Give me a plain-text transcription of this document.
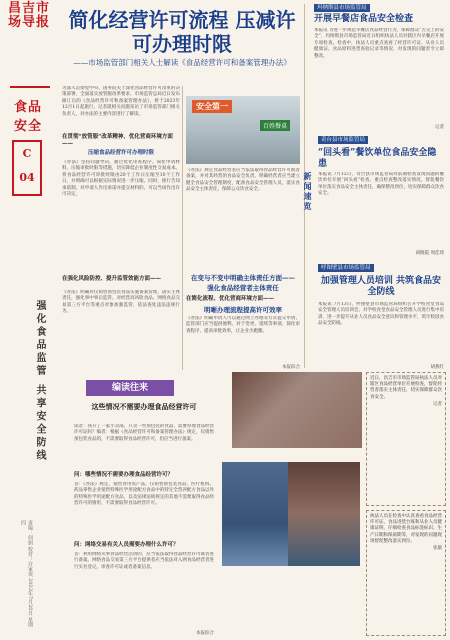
昌吉市场导报
食品安全
C 04
强化食品监管 共享安全防线
责编：何娟 校对：许家欢 2023年7月20日 星期四
简化经营许可流程 压减许可办理时限
——市场监管部门相关人士解读《食品经营许可和备案管理办法》
为深入贯彻党中央、国务院关于深化食品经营许可改革的决策部署，全面落实放管服改革要求，市场监管总局近日发布修订后的《食品经营许可和备案管理办法》，将于2023年12月1日起施行。记者就相关问题采访了市场监管部门相关负责人，对办法的主要内容进行了解读。
在贯彻“放管服”改革精神、优化营商环境方面——
压缩食品经营许可办理时限
《办法》坚持问题导向，通过优化审查程序、简化申请材料、压缩审批时限等措施，切实降低企业制度性交易成本。将食品经营许可审批时限由20个工作日压缩至10个工作日，并明确可以根据实际情况进一步压缩。同时，推行告知承诺制，对申请人作出承诺并提交材料的，可以当场作出许可决定。
在强化风险防控、提升监管效能方面——
《办法》明确对仅销售预包装食品实施备案管理，落实主体责任，强化事中事后监管。对经营高风险食品、网络食品交易第三方平台等重点对象加强监管，依法查处违法违规行为。
安全第一
百姓餐桌
《办法》规定食品经营者应当依法取得食品经营许可或者备案，并对其经营的食品安全负责。明确经营者应当建立健全食品安全管理制度，配备食品安全管理人员，落实食品安全主体责任，保障公众饮食安全。
在变与不变中明确主体责任方面——
强化食品经营者主体责任
在简化流程、优化营商环境方面——
明晰办理流程提高许可效率
《办法》明确申请人可以通过网上办理等方式提交申请，监管部门应当提供便利。对于变更、延续等事项，简化审查程序，提高审批效率，让企业少跑腿。
本报综合
玛纳斯县市场监管局
开展早餐店食品安全检查
本报讯 为进一步规范早餐店食品经营行为，保障群众“舌尖上的安全”，玛纳斯县市场监管局近日组织执法人员对辖区内早餐店开展专项检查。检查中，执法人员重点查看了经营许可证、从业人员健康证、食品原料进货查验记录等情况，对发现的问题责令立即整改。
记者
新闻速览
奇台县市场监管局
“回头看”餐饮单位食品安全隐患
本报讯 7月12日，奇台县市场监管局对前期检查发现问题的餐饮单位开展“回头看”检查，重点检查整改落实情况，督促餐饮单位落实食品安全主体责任，确保整改到位，切实保障群众饮食安全。
胡晓霞 周佳琦
呼图壁县市场监管局
加强管理人员培训 共筑食品安全防线
本报讯 7月13日，呼图壁县市场监管局组织召开学校食堂食品安全管理人员培训会，对学校食堂食品安全管理人员进行集中培训，进一步提升从业人员食品安全意识和管理水平，筑牢校园食品安全防线。
胡燕红
编读往来
这些情况不需要办理食品经营许可
读者：我开了一家小卖部，只卖一些预包装的食品，需要办理食品经营许可证吗？编者：根据《食品经营许可和备案管理办法》规定，仅销售预包装食品的，不需要取得食品经营许可，但应当进行备案。
问：哪些情况不需要办理食品经营许可？
答：《办法》规定，销售食用农产品，仅销售预包装食品，医疗机构、药品零售企业销售特殊医学用途配方食品中的特定全营养配方食品以外的特殊医学用途配方食品，以及法律法规规定的其他不需要取得食品经营许可的情形，不需要取得食品经营许可。
问：网络交易有关人员需要办理什么许可？
答：利用网络从事食品经营活动的，应当依法取得食品经营许可或者进行备案。网络食品交易第三方平台提供者应当依法对入网食品经营者进行实名登记，审查许可证或者备案信息。
本报综合
近日，昌吉市市场监管局执法人员对辖区食品经营单位开展检查，督促经营者落实主体责任，切实保障群众饮食安全。
记者
执法人员在检查中认真查看食品经营许可证、食品进货台账和从业人员健康证明，仔细检查食品标签标识、生产日期和保质期等，对发现的问题现场督促整改落实到位。
张敏
